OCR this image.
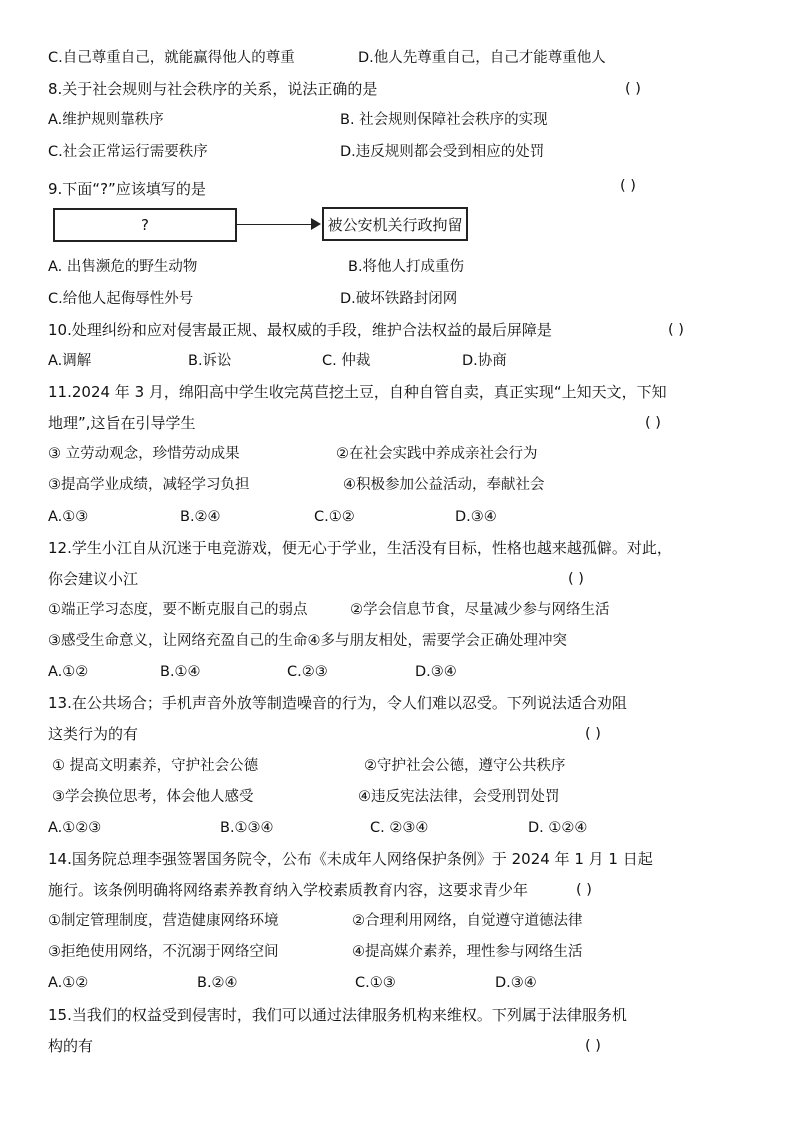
C.自己尊重自己，就能赢得他人的尊重	D.他人先尊重自己，自己才能尊重他人
8.关于社会规则与社会秩序的关系，说法正确的是	( )
A.维护规则靠秩序	B. 社会规则保障社会秩序的实现
C.社会正常运行需要秩序	D.违反规则都会受到相应的处罚
9.下面“?”应该填写的是	( )
?	被公安机关行政拘留
A. 出售濒危的野生动物	B.将他人打成重伤
C.给他人起侮辱性外号	D.破坏铁路封闭网
10.处理纠纷和应对侵害最正规、最权威的手段，维护合法权益的最后屏障是	( )
A.调解	B.诉讼	C. 仲裁	D.协商
11.2024 年 3 月，绵阳高中学生收完莴苣挖土豆，自种自管自卖，真正实现“上知天文，下知
地理”,这旨在引导学生	( )
③ 立劳动观念，珍惜劳动成果	②在社会实践中养成亲社会行为
③提高学业成绩，减轻学习负担	④积极参加公益活动，奉献社会
A.①③	B.②④	C.①②	D.③④
12.学生小江自从沉迷于电竞游戏，便无心于学业，生活没有目标，性格也越来越孤僻。对此，
你会建议小江	( )
①端正学习态度，要不断克服自己的弱点	②学会信息节食，尽量减少参与网络生活
③感受生命意义，让网络充盈自己的生命④多与朋友相处，需要学会正确处理冲突
A.①②	B.①④	C.②③	D.③④
13.在公共场合；手机声音外放等制造噪音的行为，令人们难以忍受。下列说法适合劝阻
这类行为的有	( )
① 提高文明素养，守护社会公德	②守护社会公德，遵守公共秩序
③学会换位思考，体会他人感受	④违反宪法法律，会受刑罚处罚
A.①②③	B.①③④	C. ②③④	D. ①②④
14.国务院总理李强签署国务院令，公布《未成年人网络保护条例》于 2024 年 1 月 1 日起
施行。该条例明确将网络素养教育纳入学校素质教育内容，这要求青少年	( )
①制定管理制度，营造健康网络环境	②合理利用网络，自觉遵守道德法律
③拒绝使用网络，不沉溺于网络空间	④提高媒介素养，理性参与网络生活
A.①②	B.②④	C.①③	D.③④
15.当我们的权益受到侵害时，我们可以通过法律服务机构来维权。下列属于法律服务机
构的有	( )
